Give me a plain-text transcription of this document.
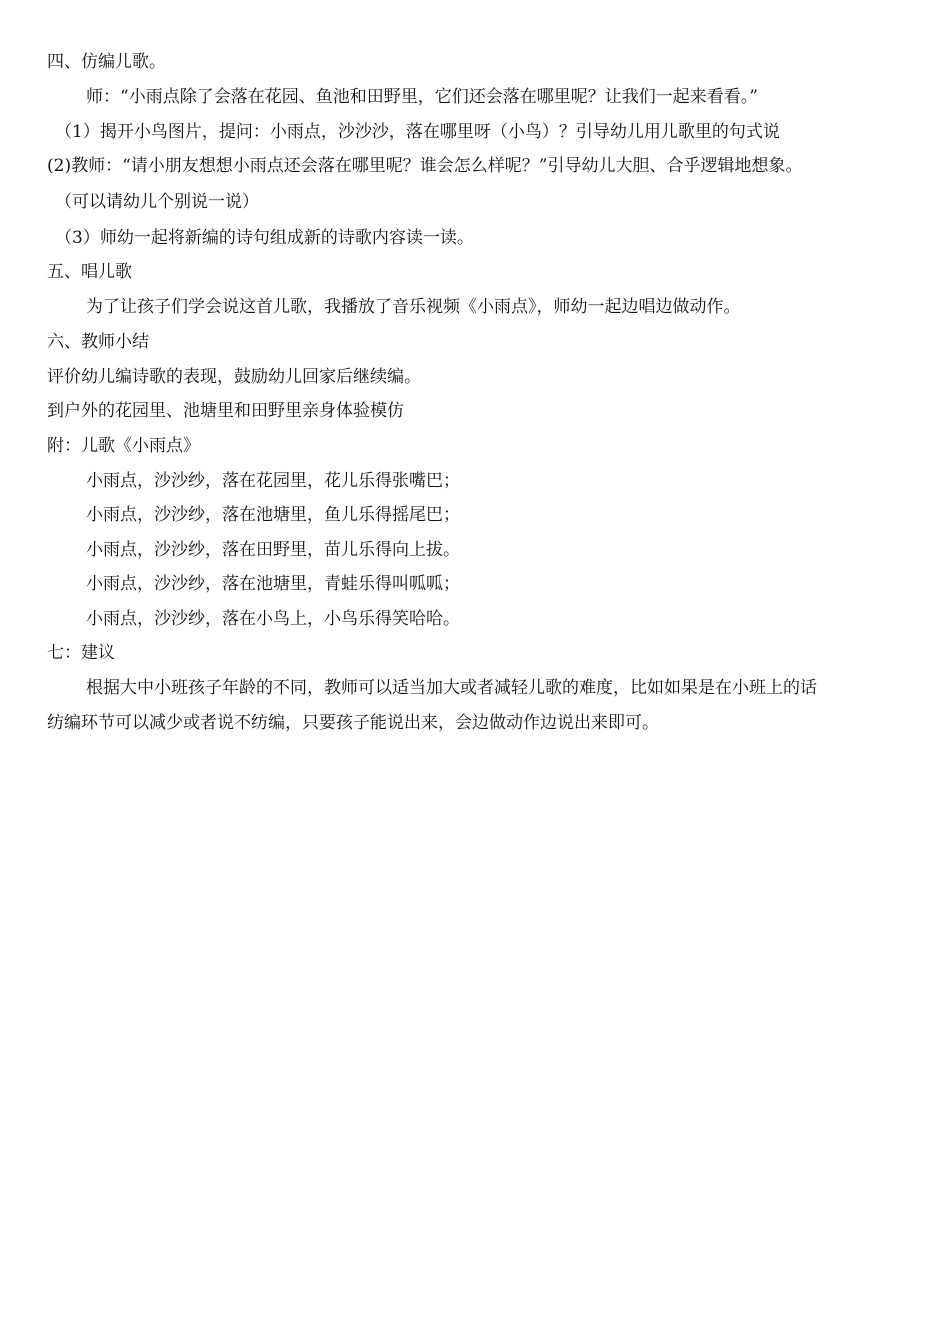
四、仿编儿歌。
师：“小雨点除了会落在花园、鱼池和田野里，它们还会落在哪里呢？让我们一起来看看。”
（1）揭开小鸟图片，提问：小雨点，沙沙沙，落在哪里呀（小鸟）？引导幼儿用儿歌里的句式说
(2)教师：“请小朋友想想小雨点还会落在哪里呢？谁会怎么样呢？”引导幼儿大胆、合乎逻辑地想象。
（可以请幼儿个别说一说）
（3）师幼一起将新编的诗句组成新的诗歌内容读一读。
五、唱儿歌
为了让孩子们学会说这首儿歌，我播放了音乐视频《小雨点》，师幼一起边唱边做动作。
六、教师小结
评价幼儿编诗歌的表现，鼓励幼儿回家后继续编。
到户外的花园里、池塘里和田野里亲身体验模仿
附：儿歌《小雨点》
小雨点，沙沙纱，落在花园里，花儿乐得张嘴巴；
小雨点，沙沙纱，落在池塘里，鱼儿乐得摇尾巴；
小雨点，沙沙纱，落在田野里，苗儿乐得向上拔。
小雨点，沙沙纱，落在池塘里，青蛙乐得叫呱呱；
小雨点，沙沙纱，落在小鸟上，小鸟乐得笑哈哈。
七：建议
根据大中小班孩子年龄的不同，教师可以适当加大或者减轻儿歌的难度，比如如果是在小班上的话
纺编环节可以减少或者说不纺编，只要孩子能说出来，会边做动作边说出来即可。
